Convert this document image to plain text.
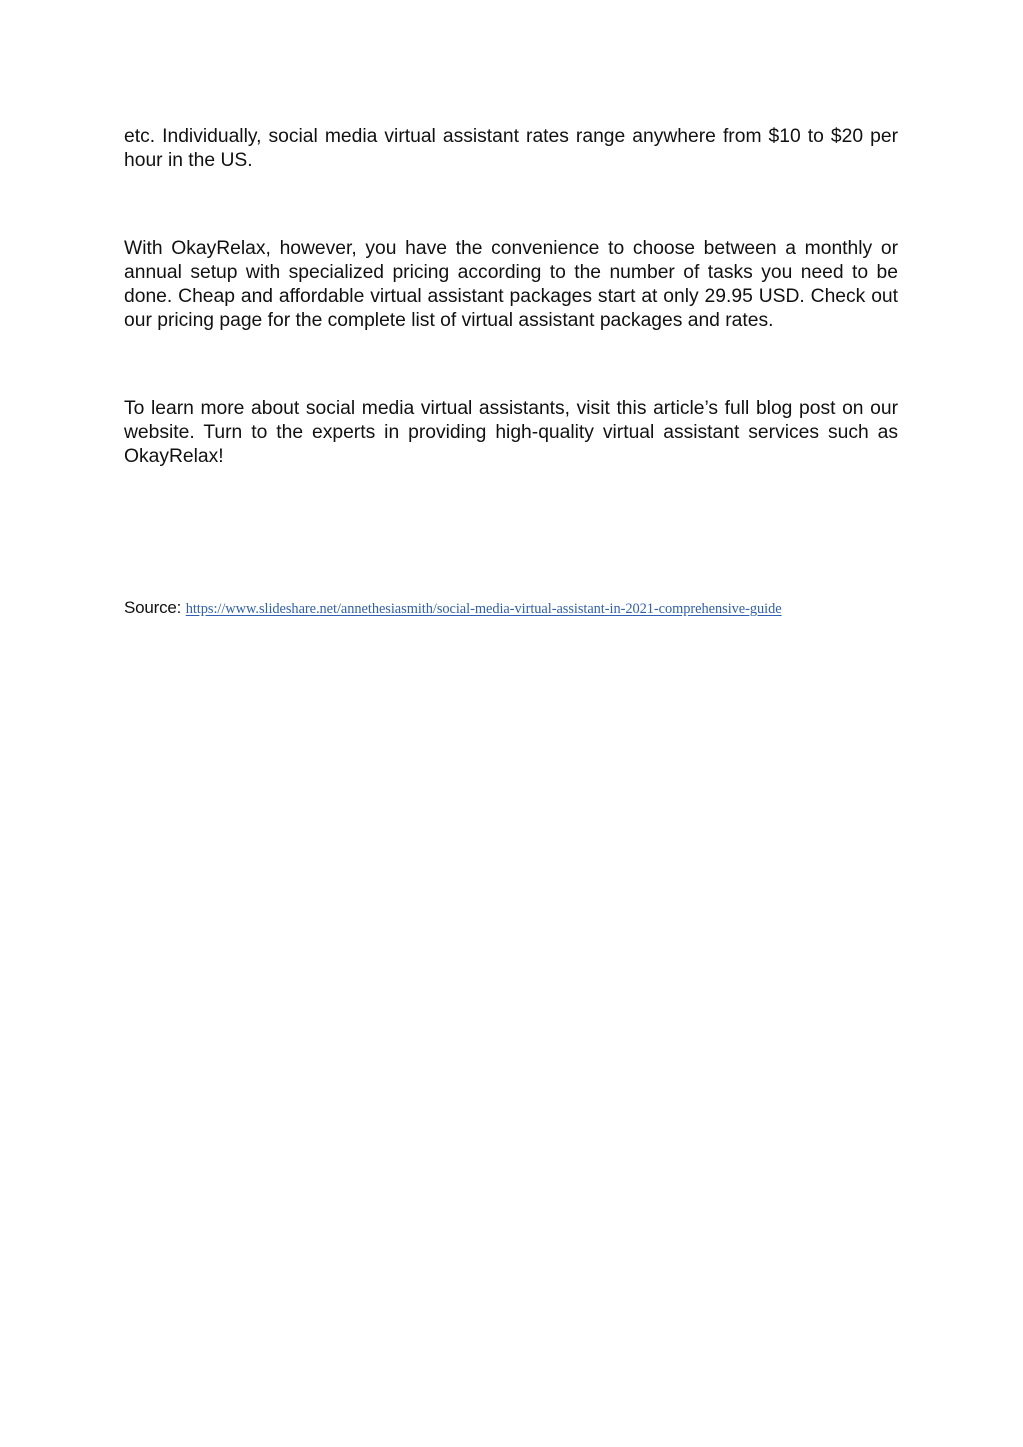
etc. Individually, social media virtual assistant rates range anywhere from $10 to $20 per hour in the US.

With OkayRelax, however, you have the convenience to choose between a monthly or annual setup with specialized pricing according to the number of tasks you need to be done. Cheap and affordable virtual assistant packages start at only 29.95 USD. Check out our pricing page for the complete list of virtual assistant packages and rates.

To learn more about social media virtual assistants, visit this article’s full blog post on our website. Turn to the experts in providing high-quality virtual assistant services such as OkayRelax!

Source: https://www.slideshare.net/annethesiasmith/social-media-virtual-assistant-in-2021-comprehensive-guide
